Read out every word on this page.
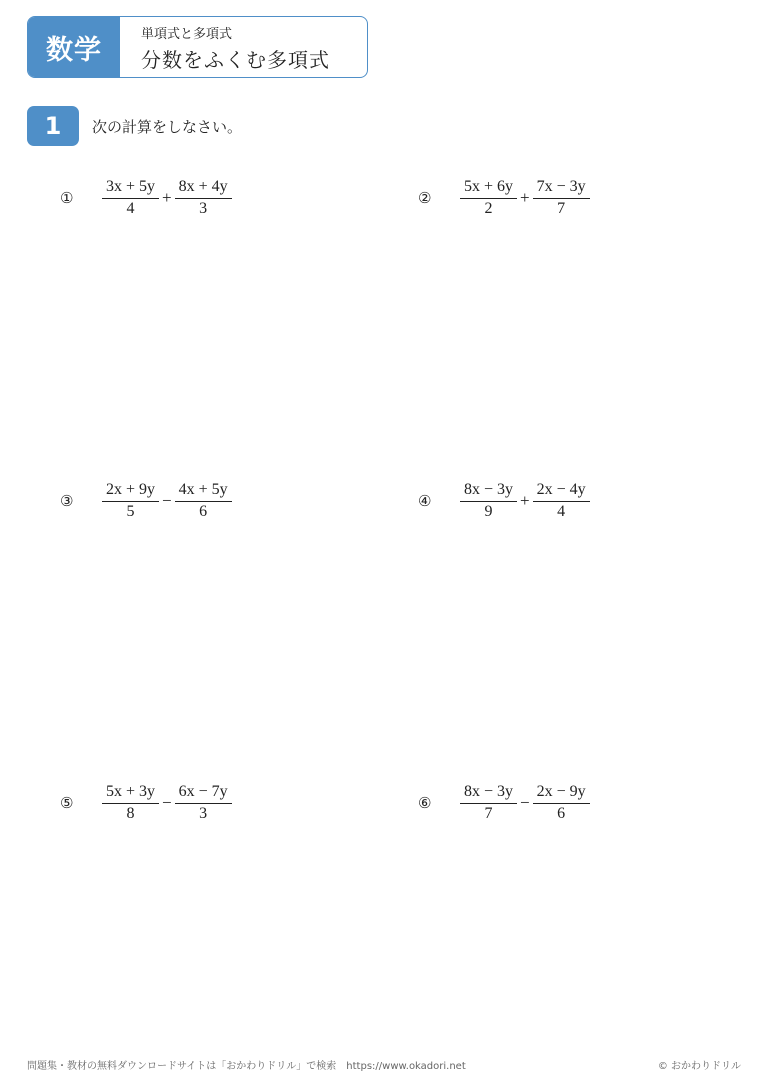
数学	単項式と多項式
分数をふくむ多項式
1	次の計算をしなさい。
① $\frac{3x + 5y}{4} + \frac{8x + 4y}{3}$	② $\frac{5x + 6y}{2} + \frac{7x - 3y}{7}$
③ $\frac{2x + 9y}{5} - \frac{4x + 5y}{6}$	④ $\frac{8x - 3y}{9} + \frac{2x - 4y}{4}$
⑤ $\frac{5x + 3y}{8} - \frac{6x - 7y}{3}$	⑥ $\frac{8x - 3y}{7} - \frac{2x - 9y}{6}$
問題集・教材の無料ダウンロードサイトは「おかわりドリル」で検索　https://www.okadori.net	© おかわりドリル
